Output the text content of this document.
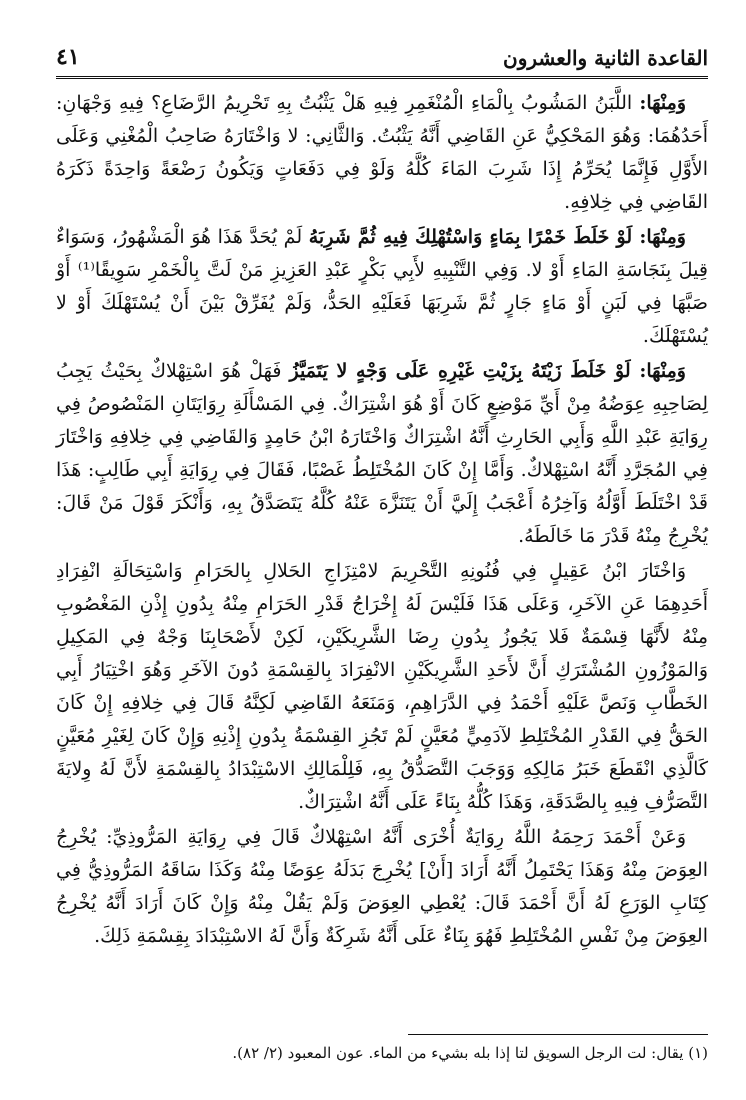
القاعدة الثانية والعشرون
٤١

وَمِنْهَا: اللَّبَنُ المَشُوبُ بِالْمَاءِ الْمُنْغَمِرِ فِيهِ هَلْ يَثْبُتُ بِهِ تَحْرِيمُ الرَّضَاعِ؟ فِيهِ وَجْهَانِ: أَحَدُهُمَا: وَهُوَ المَحْكِيُّ عَنِ القَاضِي أَنَّهُ يَثْبُتُ. وَالثَّانِي: لا وَاخْتَارَهُ صَاحِبُ الْمُغْنِي وَعَلَى الأَوَّلِ فَإِنَّمَا يُحَرِّمُ إِذَا شَرِبَ المَاءَ كُلَّهُ وَلَوْ فِي دَفَعَاتٍ وَيَكُونُ رَضْعَةً وَاحِدَةً ذَكَرَهُ القَاضِي فِي خِلافِهِ.

وَمِنْهَا: لَوْ خَلَطَ خَمْرًا بِمَاءٍ وَاسْتُهْلِكَ فِيهِ ثُمَّ شَرِبَهُ لَمْ يُحَدَّ هَذَا هُوَ الْمَشْهُورُ، وَسَوَاءٌ قِيلَ بِنَجَاسَةِ المَاءِ أَوْ لا. وَفِي التَّنْبِيهِ لأَبِي بَكْرٍ عَبْدِ العَزِيزِ مَنْ لَتَّ بِالْخَمْرِ سَوِيقًا⁽¹⁾ أَوْ صَبَّهَا فِي لَبَنٍ أَوْ مَاءٍ جَارٍ ثُمَّ شَرِبَهَا فَعَلَيْهِ الحَدُّ، وَلَمْ يُفَرِّقْ بَيْنَ أَنْ يُسْتَهْلَكَ أَوْ لا يُسْتَهْلَكَ.

وَمِنْهَا: لَوْ خَلَطَ زَيْتَهُ بِزَيْتِ غَيْرِهِ عَلَى وَجْهٍ لا يَتَمَيَّزُ فَهَلْ هُوَ اسْتِهْلاكٌ بِحَيْثُ يَجِبُ لِصَاحِبِهِ عِوَضُهُ مِنْ أَيِّ مَوْضِعٍ كَانَ أَوْ هُوَ اشْتِرَاكٌ. فِي المَسْأَلَةِ رِوَايَتَانِ المَنْصُوصُ فِي رِوَايَةِ عَبْدِ اللَّهِ وَأَبِي الحَارِثِ أَنَّهُ اشْتِرَاكٌ وَاخْتَارَهُ ابْنُ حَامِدٍ وَالقَاضِي فِي خِلافِهِ وَاخْتَارَ فِي المُجَرَّدِ أَنَّهُ اسْتِهْلاكٌ. وَأَمَّا إِنْ كَانَ المُخْتَلِطُ غَصْبًا، فَقَالَ فِي رِوَايَةِ أَبِي طَالِبٍ: هَذَا قَدْ اخْتَلَطَ أَوَّلُهُ وَآخِرُهُ أَعْجَبُ إِلَيَّ أَنْ يَتَنَزَّهَ عَنْهُ كُلَّهُ يَتَصَدَّقُ بِهِ، وَأَنْكَرَ قَوْلَ مَنْ قَالَ: يُخْرِجُ مِنْهُ قَدْرَ مَا خَالَطَهُ.

وَاخْتَارَ ابْنُ عَقِيلٍ فِي فُنُونِهِ التَّحْرِيمَ لامْتِزَاجِ الحَلالِ بِالحَرَامِ وَاسْتِحَالَةِ انْفِرَادِ أَحَدِهِمَا عَنِ الآخَرِ، وَعَلَى هَذَا فَلَيْسَ لَهُ إِخْرَاجُ قَدْرِ الحَرَامِ مِنْهُ بِدُونِ إِذْنِ المَغْصُوبِ مِنْهُ لأَنَّهَا قِسْمَةٌ فَلا يَجُوزُ بِدُونِ رِضَا الشَّرِيكَيْنِ، لَكِنْ لأَصْحَابِنَا وَجْهٌ فِي المَكِيلِ وَالمَوْزُونِ المُشْتَرَكِ أَنَّ لأَحَدِ الشَّرِيكَيْنِ الانْفِرَادَ بِالقِسْمَةِ دُونَ الآخَرِ وَهُوَ اخْتِيَارُ أَبِي الخَطَّابِ وَنَصَّ عَلَيْهِ أَحْمَدُ فِي الدَّرَاهِمِ، وَمَنَعَهُ القَاضِي لَكِنَّهُ قَالَ فِي خِلافِهِ إِنْ كَانَ الحَقُّ فِي القَدْرِ المُخْتَلِطِ لآدَمِيٍّ مُعَيَّنٍ لَمْ تَجُزِ القِسْمَةُ بِدُونِ إِذْنِهِ وَإِنْ كَانَ لِغَيْرِ مُعَيَّنٍ كَالَّذِي انْقَطَعَ خَبَرُ مَالِكِهِ وَوَجَبَ التَّصَدُّقُ بِهِ، فَلِلْمَالِكِ الاسْتِبْدَادُ بِالقِسْمَةِ لأَنَّ لَهُ وِلايَةَ التَّصَرُّفِ فِيهِ بِالصَّدَقَةِ، وَهَذَا كُلُّهُ بِنَاءً عَلَى أَنَّهُ اشْتِرَاكٌ.

وَعَنْ أَحْمَدَ رَحِمَهُ اللَّهُ رِوَايَةٌ أُخْرَى أَنَّهُ اسْتِهْلاكٌ قَالَ فِي رِوَايَةِ المَرُّوذِيِّ: يُخْرِجُ العِوَضَ مِنْهُ وَهَذَا يَحْتَمِلُ أَنَّهُ أَرَادَ [أَنْ] يُخْرِجَ بَدَلَهُ عِوَضًا مِنْهُ وَكَذَا سَاقَهُ المَرُّوذِيُّ فِي كِتَابِ الوَرَعِ لَهُ أَنَّ أَحْمَدَ قَالَ: يُعْطِي العِوَضَ وَلَمْ يَقُلْ مِنْهُ وَإِنْ كَانَ أَرَادَ أَنَّهُ يُخْرِجُ العِوَضَ مِنْ نَفْسِ المُخْتَلِطِ فَهُوَ بِنَاءٌ عَلَى أَنَّهُ شَرِكَةٌ وَأَنَّ لَهُ الاسْتِبْدَادَ بِقِسْمَةِ ذَلِكَ.

(١) يقال: لت الرجل السويق لتا إذا بله بشيء من الماء. عون المعبود (٢/ ٨٢).
